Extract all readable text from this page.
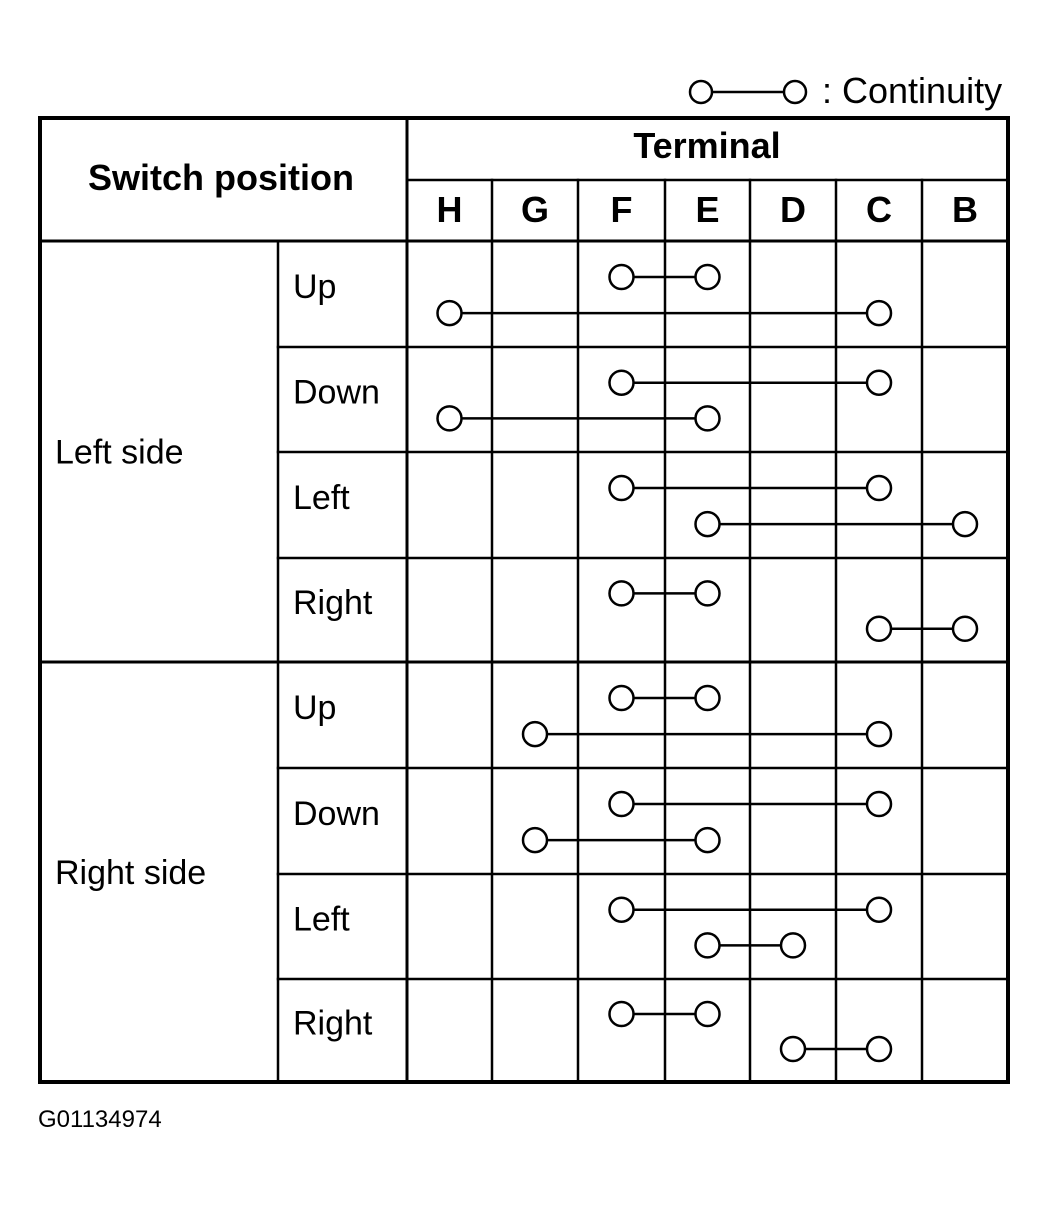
: Continuity
Switch position
Terminal
H G F E D C B
Left side
Up
Down
Left
Right
Right side
Up
Down
Left
Right
G01134974
